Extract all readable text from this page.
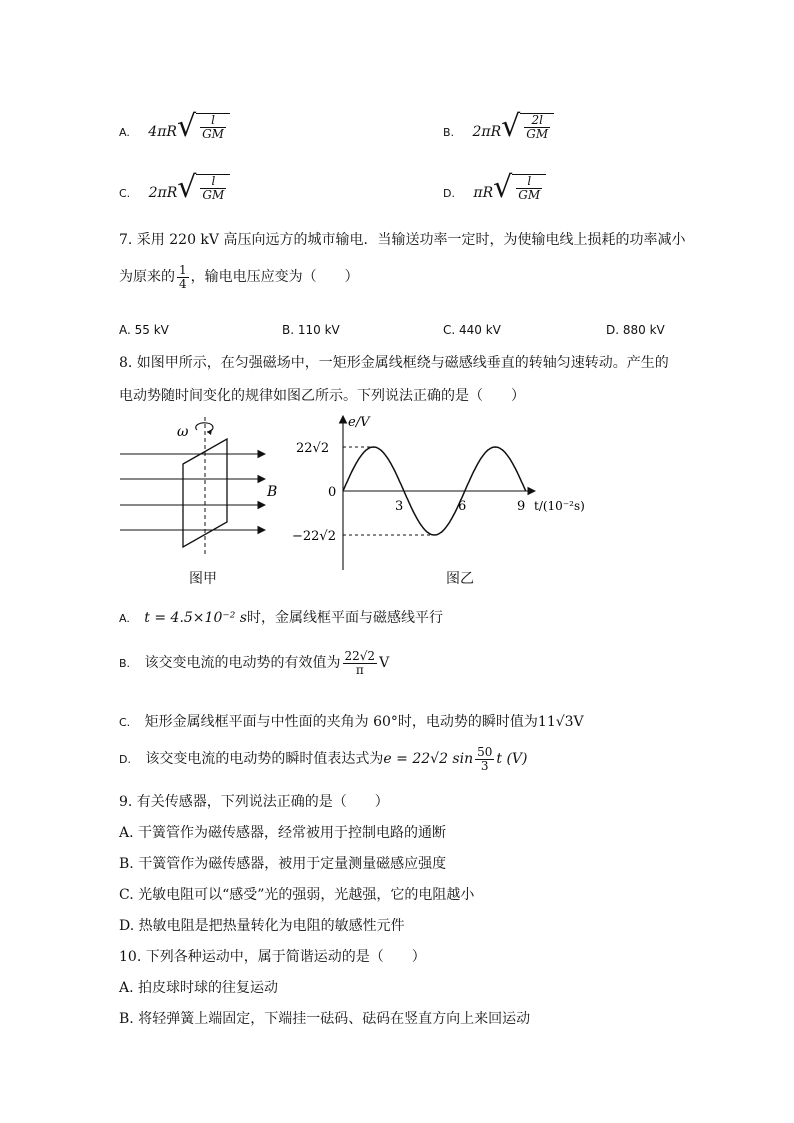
A. 4πR √ $\frac{l}{GM}$	B. 2πR √ $\frac{2l}{GM}$
C. 2πR √ $\frac{l}{GM}$	D. πR √ $\frac{l}{GM}$
7. 采用 220 kV 高压向远方的城市输电．当输送功率一定时，为使输电线上损耗的功率减小
为原来的 $\frac{1}{4}$ ，输电电压应变为（　　）
A. 55 kV	B. 110 kV	C. 440 kV	D. 880 kV
8. 如图甲所示，在匀强磁场中，一矩形金属线框绕与磁感线垂直的转轴匀速转动。产生的
电动势随时间变化的规律如图乙所示。下列说法正确的是（　　）
ω
B
图甲
22√2
0
−22√2
3	6	9
e/V
t/(10⁻²s)
图乙
A. t = 4.5×10⁻² s时，金属线框平面与磁感线平行
B. 该交变电流的电动势的有效值为 $\frac{22√2}{\pi}$ V
C. 矩形金属线框平面与中性面的夹角为 60°时，电动势的瞬时值为11√3V
D. 该交变电流的电动势的瞬时值表达式为e = 22√2 $\sin \frac{50}{3}$ t (V)
9. 有关传感器，下列说法正确的是（　　）
A. 干簧管作为磁传感器，经常被用于控制电路的通断
B. 干簧管作为磁传感器，被用于定量测量磁感应强度
C. 光敏电阻可以“感受”光的强弱，光越强，它的电阻越小
D. 热敏电阻是把热量转化为电阻的敏感性元件
10. 下列各种运动中，属于简谐运动的是（　　）
A. 拍皮球时球的往复运动
B. 将轻弹簧上端固定，下端挂一砝码、砝码在竖直方向上来回运动
